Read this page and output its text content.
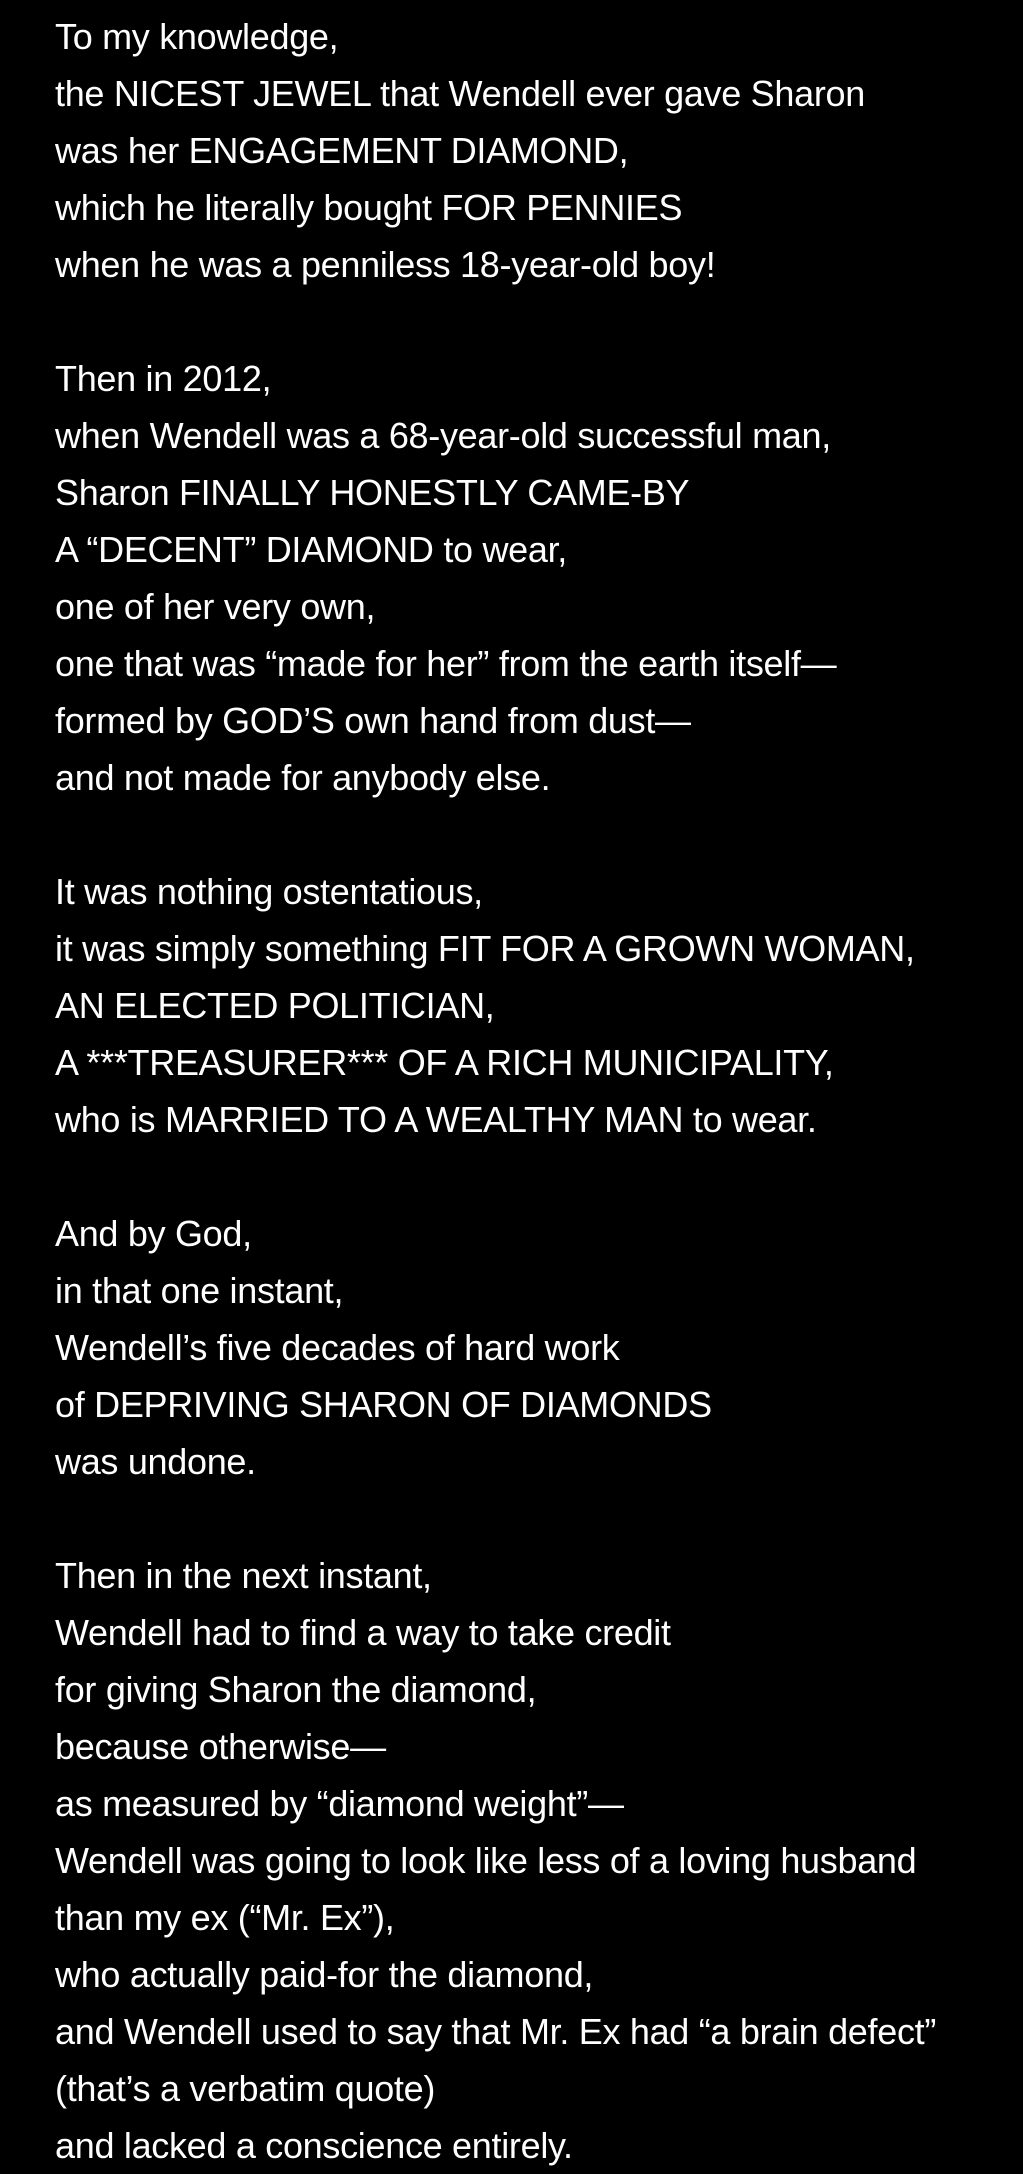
To my knowledge,
the NICEST JEWEL that Wendell ever gave Sharon
was her ENGAGEMENT DIAMOND,
which he literally bought FOR PENNIES
when he was a penniless 18-year-old boy!
Then in 2012,
when Wendell was a 68-year-old successful man,
Sharon FINALLY HONESTLY CAME-BY
A “DECENT” DIAMOND to wear,
one of her very own,
one that was “made for her” from the earth itself—
formed by GOD’S own hand from dust—
and not made for anybody else.
It was nothing ostentatious,
it was simply something FIT FOR A GROWN WOMAN,
AN ELECTED POLITICIAN,
A ***TREASURER*** OF A RICH MUNICIPALITY,
who is MARRIED TO A WEALTHY MAN to wear.
And by God,
in that one instant,
Wendell’s five decades of hard work
of DEPRIVING SHARON OF DIAMONDS
was undone.
Then in the next instant,
Wendell had to find a way to take credit
for giving Sharon the diamond,
because otherwise—
as measured by “diamond weight”—
Wendell was going to look like less of a loving husband
than my ex (“Mr. Ex”),
who actually paid-for the diamond,
and Wendell used to say that Mr. Ex had “a brain defect”
(that’s a verbatim quote)
and lacked a conscience entirely.
